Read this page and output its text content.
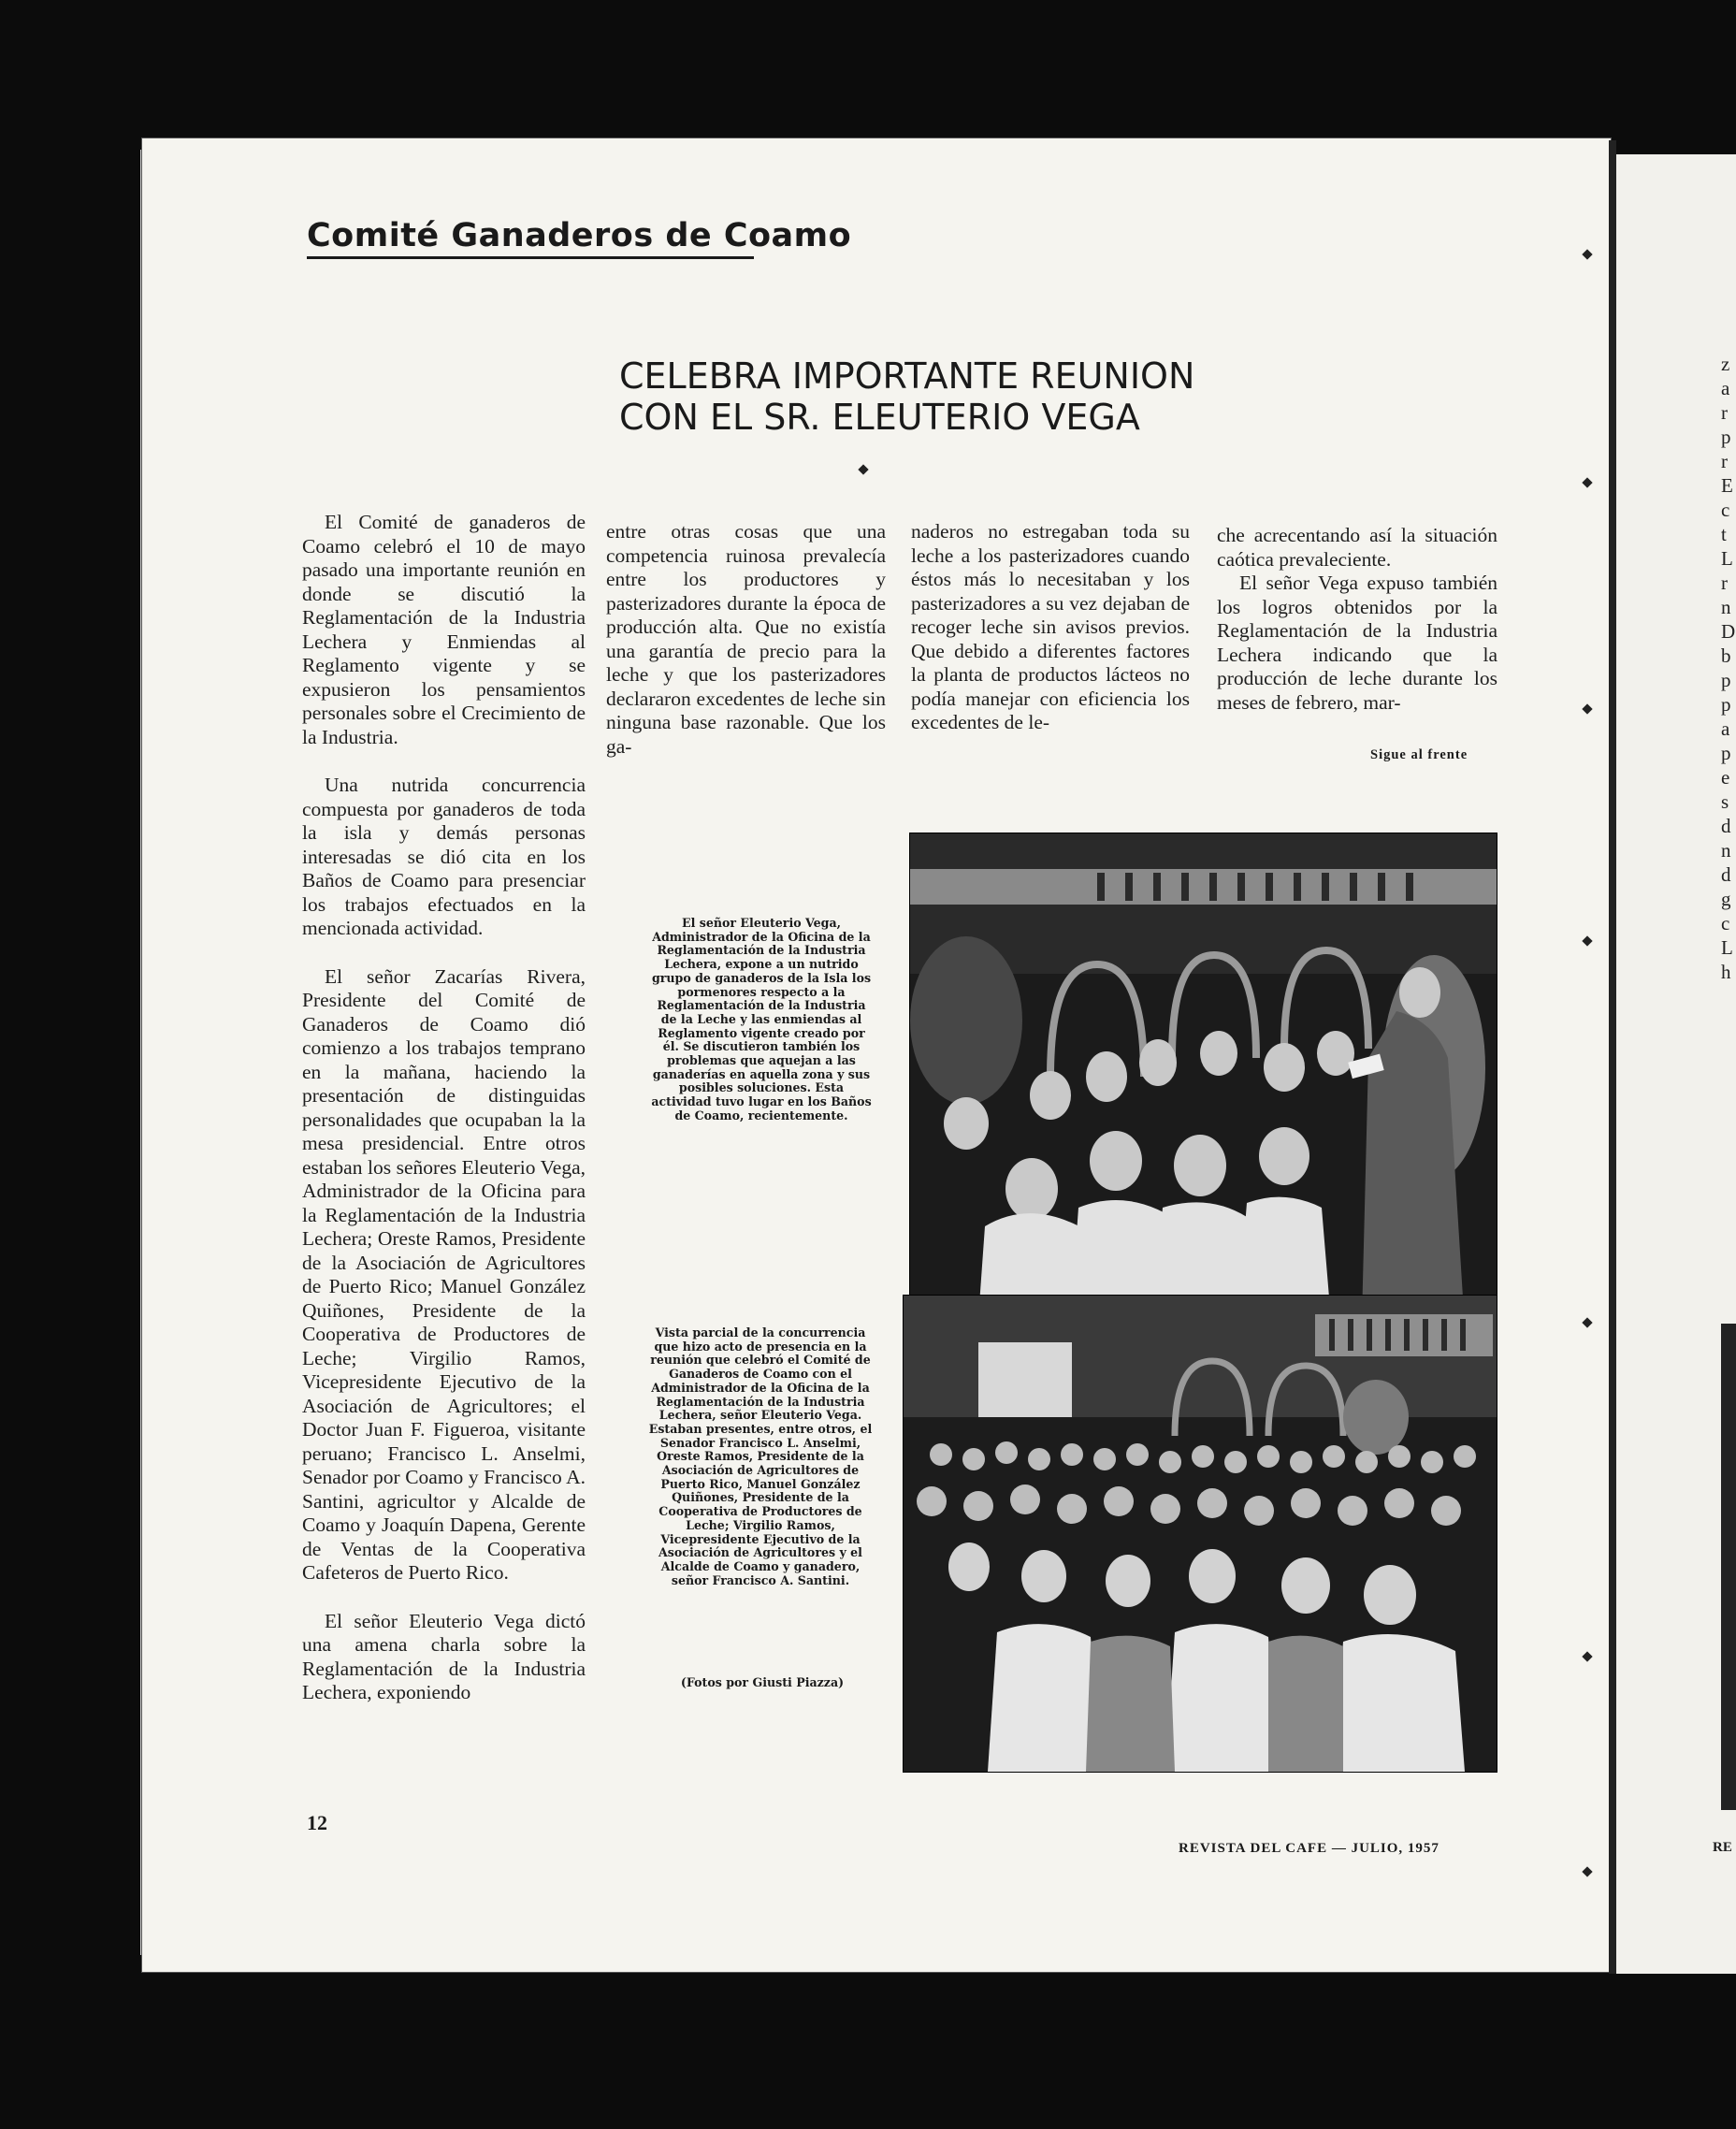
Comité Ganaderos de Coamo
CELEBRA IMPORTANTE REUNION
CON EL SR. ELEUTERIO VEGA

El Comité de ganaderos de Coamo celebró el 10 de mayo pasado una importante reunión en donde se discutió la Reglamentación de la Industria Lechera y Enmiendas al Reglamento vigente y se expusieron los pensamientos personales sobre el Crecimiento de la Industria.

Una nutrida concurrencia compuesta por ganaderos de toda la isla y demás personas interesadas se dió cita en los Baños de Coamo para presenciar los trabajos efectuados en la mencionada actividad.

El señor Zacarías Rivera, Presidente del Comité de Ganaderos de Coamo dió comienzo a los trabajos temprano en la mañana, haciendo la presentación de distinguidas personalidades que ocupaban la la mesa presidencial. Entre otros estaban los señores Eleuterio Vega, Administrador de la Oficina para la Reglamentación de la Industria Lechera; Oreste Ramos, Presidente de la Asociación de Agricultores de Puerto Rico; Manuel González Quiñones, Presidente de la Cooperativa de Productores de Leche; Virgilio Ramos, Vicepresidente Ejecutivo de la Asociación de Agricultores; el Doctor Juan F. Figueroa, visitante peruano; Francisco L. Anselmi, Senador por Coamo y Francisco A. Santini, agricultor y Alcalde de Coamo y Joaquín Dapena, Gerente de Ventas de la Cooperativa Cafeteros de Puerto Rico.

El señor Eleuterio Vega dictó una amena charla sobre la Reglamentación de la Industria Lechera, exponiendo

entre otras cosas que una competencia ruinosa prevalecía entre los productores y pasterizadores durante la época de producción alta. Que no existía una garantía de precio para la leche y que los pasterizadores declararon excedentes de leche sin ninguna base razonable. Que los ga-

naderos no estregaban toda su leche a los pasterizadores cuando éstos más lo necesitaban y los pasterizadores a su vez dejaban de recoger leche sin avisos previos. Que debido a diferentes factores la planta de productos lácteos no podía manejar con eficiencia los excedentes de le-

che acrecentando así la situación caótica prevaleciente.

El señor Vega expuso también los logros obtenidos por la Reglamentación de la Industria Lechera indicando que la producción de leche durante los meses de febrero, mar-

Sigue al frente
El señor Eleuterio Vega, Administrador de la Oficina de la Reglamentación de la Industria Lechera, expone a un nutrido grupo de ganaderos de la Isla los pormenores respecto a la Reglamentación de la Industria de la Leche y las enmiendas al Reglamento vigente creado por él. Se discutieron también los problemas que aquejan a las ganaderías en aquella zona y sus posibles soluciones. Esta actividad tuvo lugar en los Baños de Coamo, recientemente.
Vista parcial de la concurrencia que hizo acto de presencia en la reunión que celebró el Comité de Ganaderos de Coamo con el Administrador de la Oficina de la Reglamentación de la Industria Lechera, señor Eleuterio Vega. Estaban presentes, entre otros, el Senador Francisco L. Anselmi, Oreste Ramos, Presidente de la Asociación de Agricultores de Puerto Rico, Manuel González Quiñones, Presidente de la Cooperativa de Productores de Leche; Virgilio Ramos, Vicepresidente Ejecutivo de la Asociación de Agricultores y el Alcalde de Coamo y ganadero, señor Francisco A. Santini.
(Fotos por Giusti Piazza)
12
REVISTA DEL CAFE — JULIO, 1957
z
a
r
p
r
E
c
t
L
r
n
D
b
p
p
a
p
e
s
d
n
d
g
c
L
h
RE
